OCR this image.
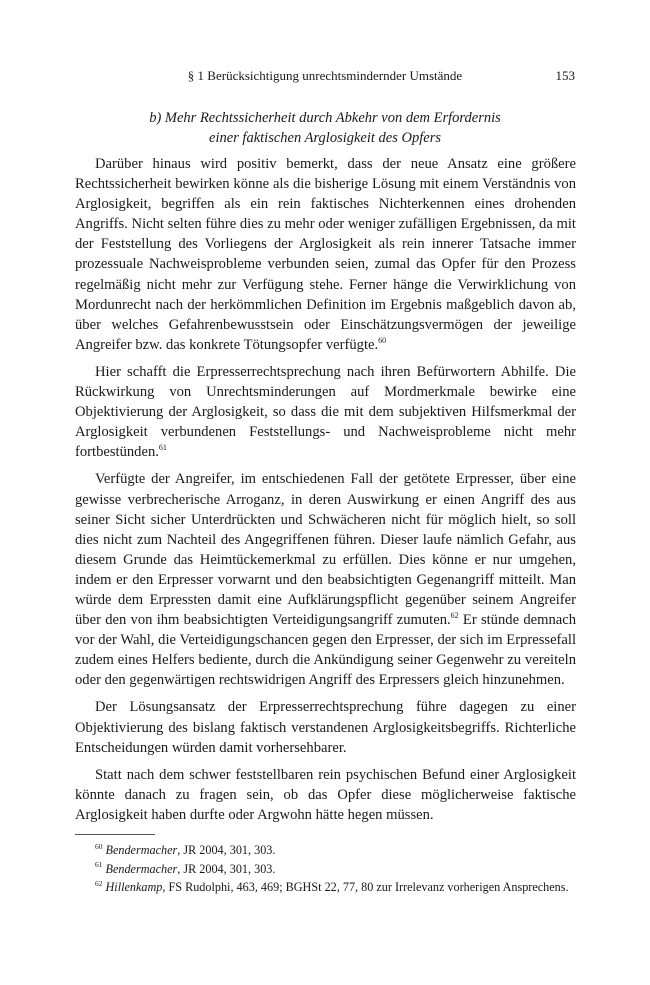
§ 1 Berücksichtigung unrechtsmindernder Umstände	153
b) Mehr Rechtssicherheit durch Abkehr von dem Erfordernis
einer faktischen Arglosigkeit des Opfers

Darüber hinaus wird positiv bemerkt, dass der neue Ansatz eine größere Rechtssicherheit bewirken könne als die bisherige Lösung mit einem Verständnis von Arglosigkeit, begriffen als ein rein faktisches Nichterkennen eines drohenden Angriffs. Nicht selten führe dies zu mehr oder weniger zufälligen Ergebnissen, da mit der Feststellung des Vorliegens der Arglosigkeit als rein innerer Tatsache immer prozessuale Nachweisprobleme verbunden seien, zumal das Opfer für den Prozess regelmäßig nicht mehr zur Verfügung stehe. Ferner hänge die Verwirklichung von Mordunrecht nach der herkömmlichen Definition im Ergebnis maßgeblich davon ab, über welches Gefahrenbewusstsein oder Einschätzungsvermögen der jeweilige Angreifer bzw. das konkrete Tötungsopfer verfügte.$^{60}$

Hier schafft die Erpresserrechtsprechung nach ihren Befürwortern Abhilfe. Die Rückwirkung von Unrechtsminderungen auf Mordmerkmale bewirke eine Objektivierung der Arglosigkeit, so dass die mit dem subjektiven Hilfsmerkmal der Arglosigkeit verbundenen Feststellungs- und Nachweisprobleme nicht mehr fortbestünden.$^{61}$

Verfügte der Angreifer, im entschiedenen Fall der getötete Erpresser, über eine gewisse verbrecherische Arroganz, in deren Auswirkung er einen Angriff des aus seiner Sicht sicher Unterdrückten und Schwächeren nicht für möglich hielt, so soll dies nicht zum Nachteil des Angegriffenen führen. Dieser laufe nämlich Gefahr, aus diesem Grunde das Heimtückemerkmal zu erfüllen. Dies könne er nur umgehen, indem er den Erpresser vorwarnt und den beabsichtigten Gegenangriff mitteilt. Man würde dem Erpressten damit eine Aufklärungspflicht gegenüber seinem Angreifer über den von ihm beabsichtigten Verteidigungsangriff zumuten.$^{62}$ Er stünde demnach vor der Wahl, die Verteidigungschancen gegen den Erpresser, der sich im Erpressefall zudem eines Helfers bediente, durch die Ankündigung seiner Gegenwehr zu vereiteln oder den gegenwärtigen rechtswidrigen Angriff des Erpressers gleich hinzunehmen.

Der Lösungsansatz der Erpresserrechtsprechung führe dagegen zu einer Objektivierung des bislang faktisch verstandenen Arglosigkeitsbegriffs. Richterliche Entscheidungen würden damit vorhersehbarer.

Statt nach dem schwer feststellbaren rein psychischen Befund einer Arglosigkeit könnte danach zu fragen sein, ob das Opfer diese möglicherweise faktische Arglosigkeit haben durfte oder Argwohn hätte hegen müssen.

$^{60}$ Bendermacher, JR 2004, 301, 303.
$^{61}$ Bendermacher, JR 2004, 301, 303.
$^{62}$ Hillenkamp, FS Rudolphi, 463, 469; BGHSt 22, 77, 80 zur Irrelevanz vorherigen Ansprechens.
